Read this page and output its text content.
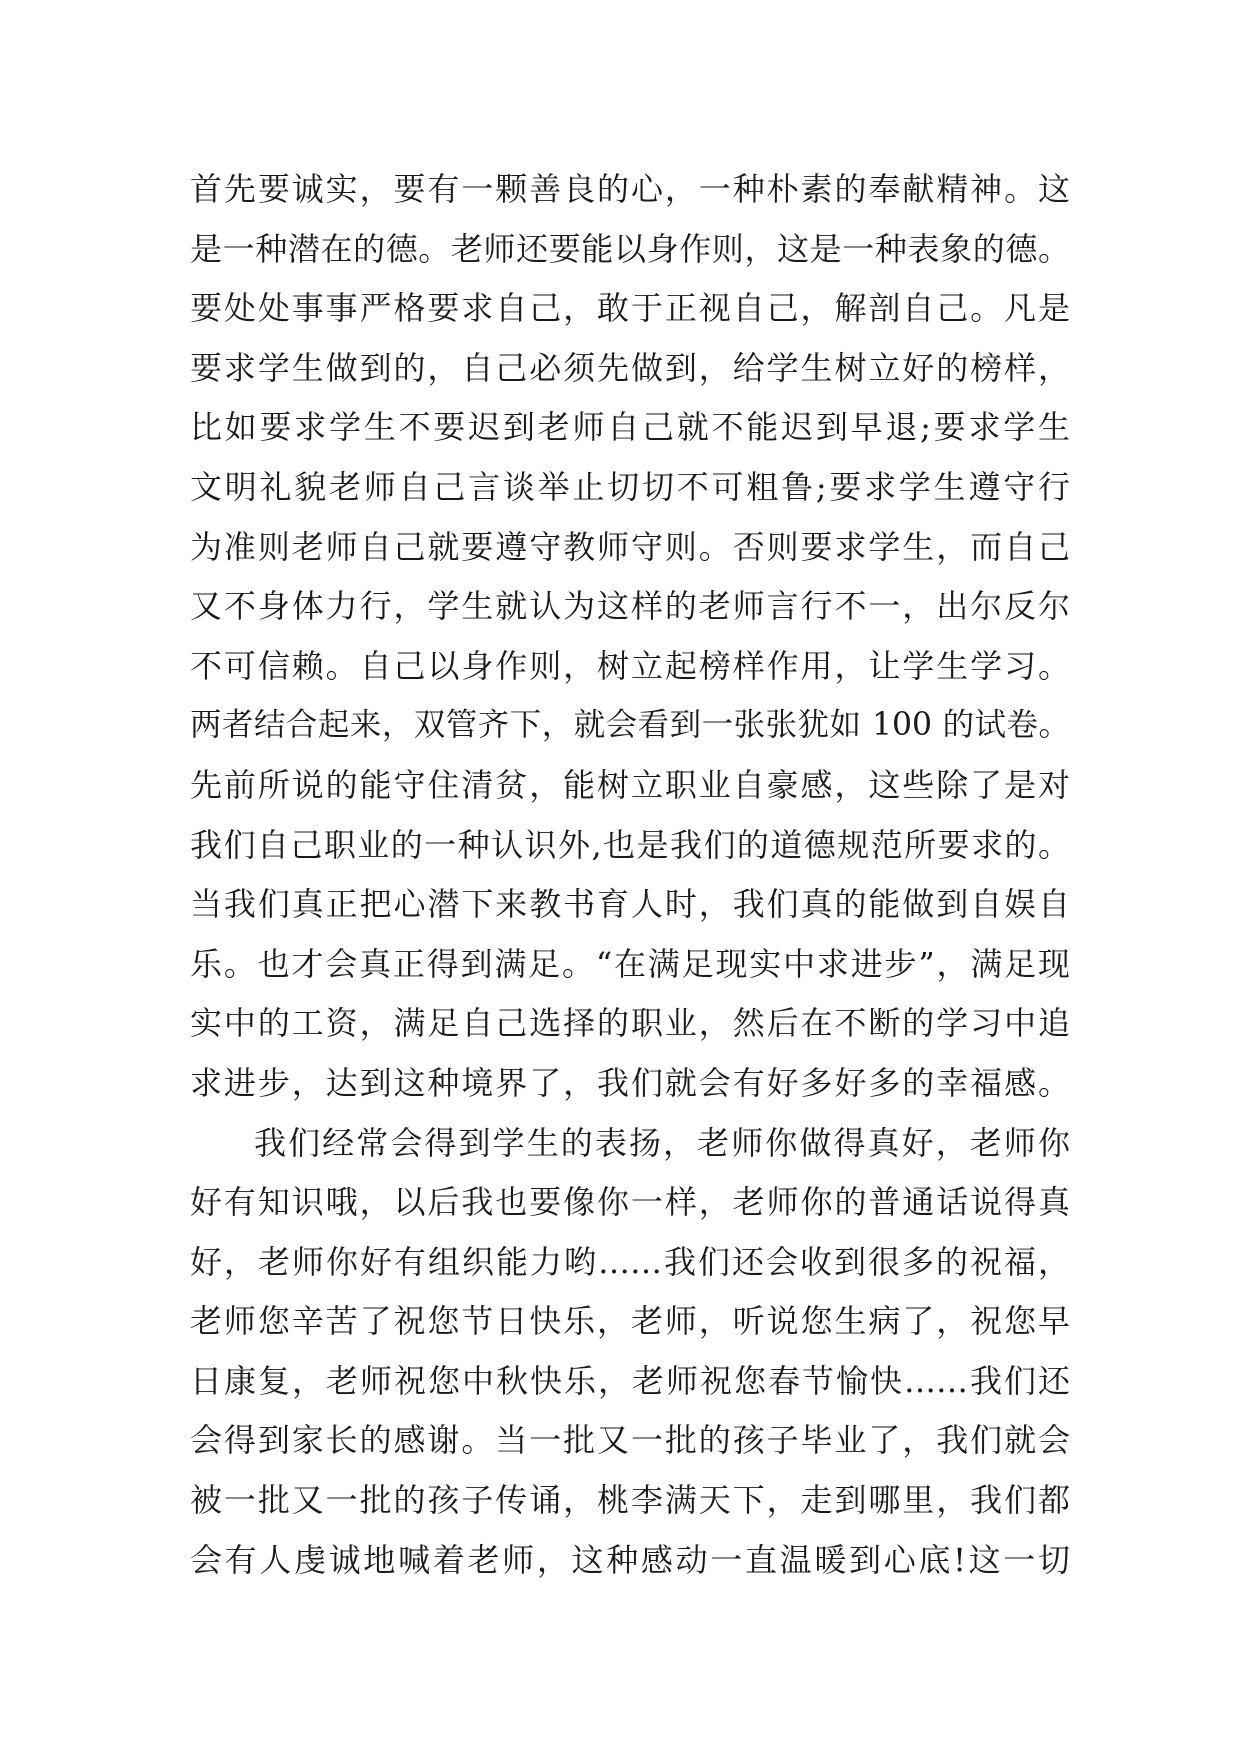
首先要诚实，要有一颗善良的心，一种朴素的奉献精神。这
是一种潜在的德。老师还要能以身作则，这是一种表象的德。
要处处事事严格要求自己，敢于正视自己，解剖自己。凡是
要求学生做到的，自己必须先做到，给学生树立好的榜样，
比如要求学生不要迟到老师自己就不能迟到早退;要求学生
文明礼貌老师自己言谈举止切切不可粗鲁;要求学生遵守行
为准则老师自己就要遵守教师守则。否则要求学生，而自己
又不身体力行，学生就认为这样的老师言行不一，出尔反尔
不可信赖。自己以身作则，树立起榜样作用，让学生学习。
两者结合起来，双管齐下，就会看到一张张犹如 100 的试卷。
先前所说的能守住清贫，能树立职业自豪感，这些除了是对
我们自己职业的一种认识外,也是我们的道德规范所要求的。
当我们真正把心潜下来教书育人时，我们真的能做到自娱自
乐。也才会真正得到满足。“在满足现实中求进步”，满足现
实中的工资，满足自己选择的职业，然后在不断的学习中追
求进步，达到这种境界了，我们就会有好多好多的幸福感。
我们经常会得到学生的表扬，老师你做得真好，老师你
好有知识哦，以后我也要像你一样，老师你的普通话说得真
好，老师你好有组织能力哟……我们还会收到很多的祝福，
老师您辛苦了祝您节日快乐，老师，听说您生病了，祝您早
日康复，老师祝您中秋快乐，老师祝您春节愉快……我们还
会得到家长的感谢。当一批又一批的孩子毕业了，我们就会
被一批又一批的孩子传诵，桃李满天下，走到哪里，我们都
会有人虔诚地喊着老师，这种感动一直温暖到心底!这一切
